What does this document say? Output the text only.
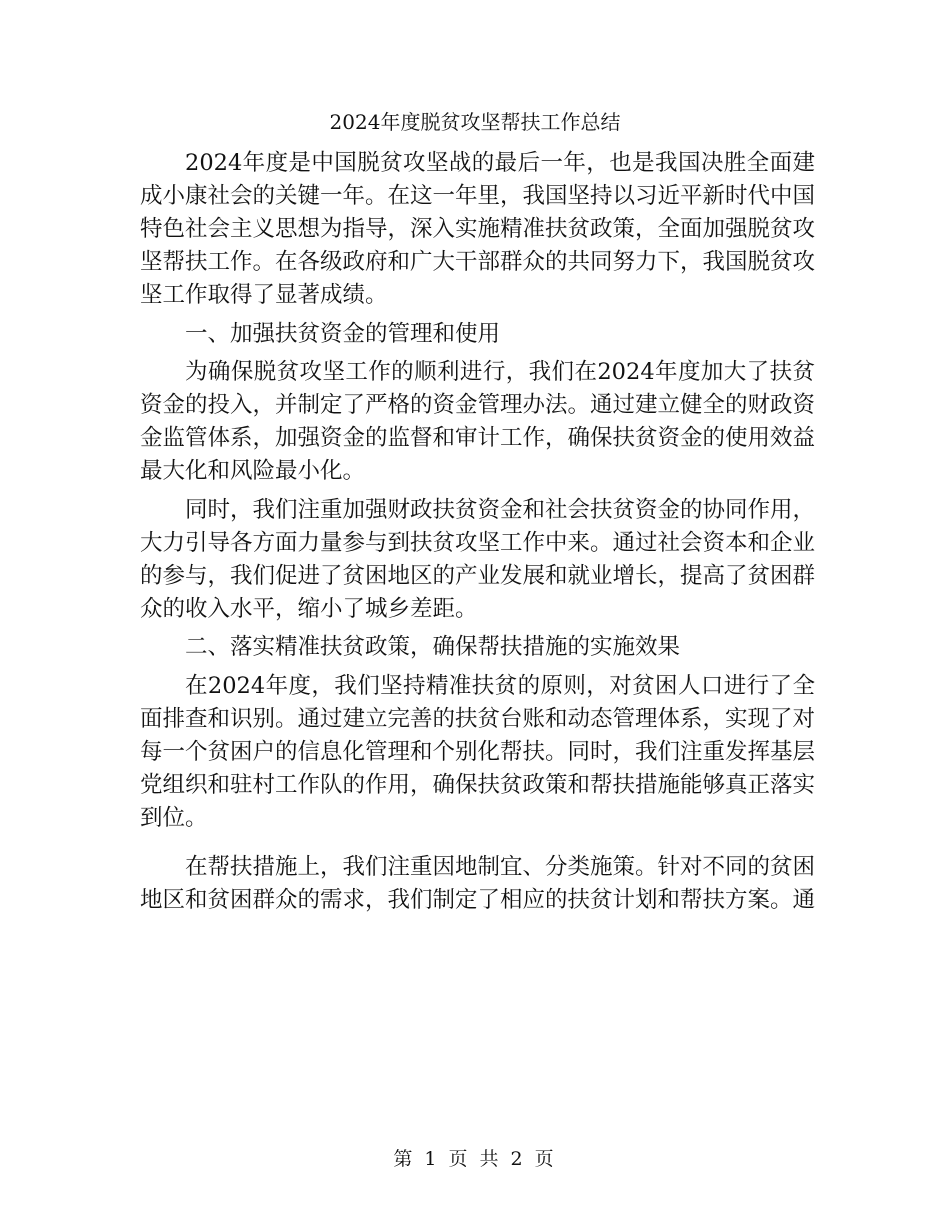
2024年度脱贫攻坚帮扶工作总结

2024年度是中国脱贫攻坚战的最后一年，也是我国决胜全面建成小康社会的关键一年。在这一年里，我国坚持以习近平新时代中国特色社会主义思想为指导，深入实施精准扶贫政策，全面加强脱贫攻坚帮扶工作。在各级政府和广大干部群众的共同努力下，我国脱贫攻坚工作取得了显著成绩。

一、加强扶贫资金的管理和使用

为确保脱贫攻坚工作的顺利进行，我们在2024年度加大了扶贫资金的投入，并制定了严格的资金管理办法。通过建立健全的财政资金监管体系，加强资金的监督和审计工作，确保扶贫资金的使用效益最大化和风险最小化。

同时，我们注重加强财政扶贫资金和社会扶贫资金的协同作用，大力引导各方面力量参与到扶贫攻坚工作中来。通过社会资本和企业的参与，我们促进了贫困地区的产业发展和就业增长，提高了贫困群众的收入水平，缩小了城乡差距。

二、落实精准扶贫政策，确保帮扶措施的实施效果

在2024年度，我们坚持精准扶贫的原则，对贫困人口进行了全面排查和识别。通过建立完善的扶贫台账和动态管理体系，实现了对每一个贫困户的信息化管理和个别化帮扶。同时，我们注重发挥基层党组织和驻村工作队的作用，确保扶贫政策和帮扶措施能够真正落实到位。

在帮扶措施上，我们注重因地制宜、分类施策。针对不同的贫困地区和贫困群众的需求，我们制定了相应的扶贫计划和帮扶方案。通

第 1 页 共 2 页
